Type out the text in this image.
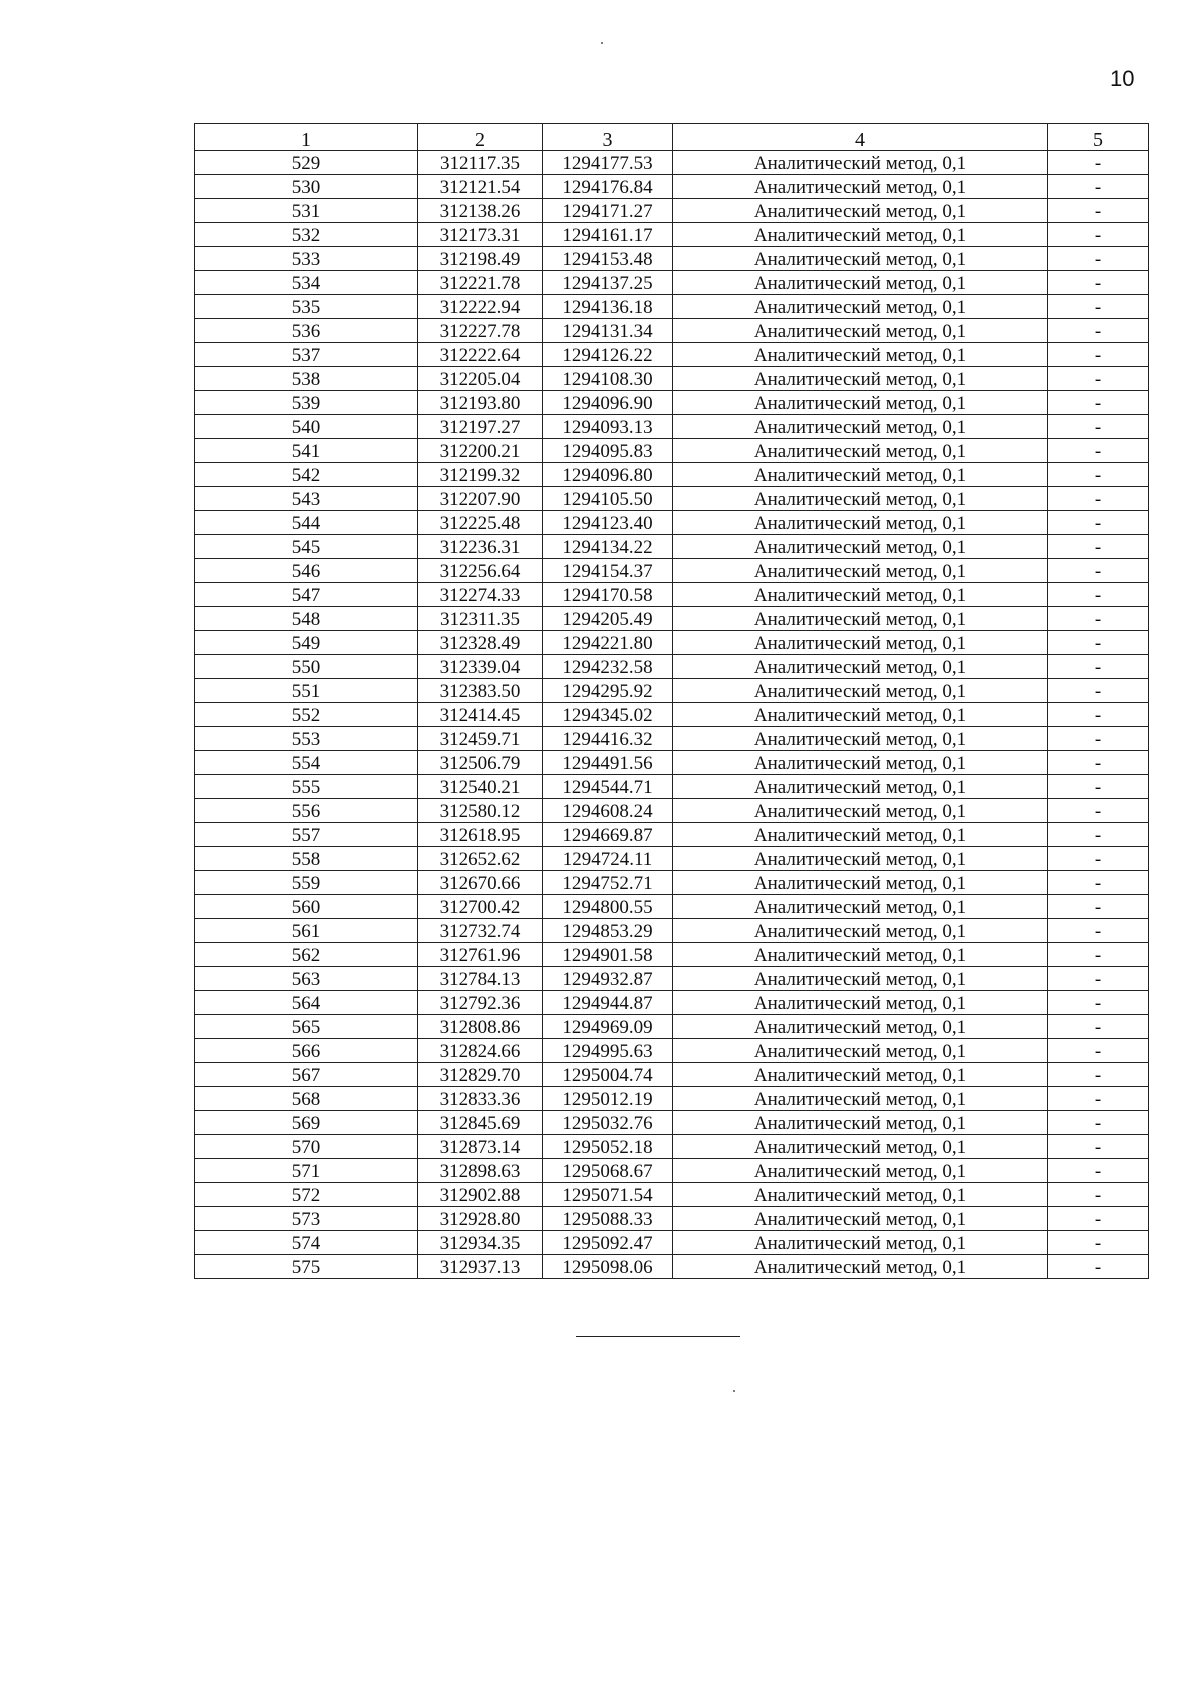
10
1	2	3	4	5
529	312117.35	1294177.53	Аналитический метод, 0,1	-
530	312121.54	1294176.84	Аналитический метод, 0,1	-
531	312138.26	1294171.27	Аналитический метод, 0,1	-
532	312173.31	1294161.17	Аналитический метод, 0,1	-
533	312198.49	1294153.48	Аналитический метод, 0,1	-
534	312221.78	1294137.25	Аналитический метод, 0,1	-
535	312222.94	1294136.18	Аналитический метод, 0,1	-
536	312227.78	1294131.34	Аналитический метод, 0,1	-
537	312222.64	1294126.22	Аналитический метод, 0,1	-
538	312205.04	1294108.30	Аналитический метод, 0,1	-
539	312193.80	1294096.90	Аналитический метод, 0,1	-
540	312197.27	1294093.13	Аналитический метод, 0,1	-
541	312200.21	1294095.83	Аналитический метод, 0,1	-
542	312199.32	1294096.80	Аналитический метод, 0,1	-
543	312207.90	1294105.50	Аналитический метод, 0,1	-
544	312225.48	1294123.40	Аналитический метод, 0,1	-
545	312236.31	1294134.22	Аналитический метод, 0,1	-
546	312256.64	1294154.37	Аналитический метод, 0,1	-
547	312274.33	1294170.58	Аналитический метод, 0,1	-
548	312311.35	1294205.49	Аналитический метод, 0,1	-
549	312328.49	1294221.80	Аналитический метод, 0,1	-
550	312339.04	1294232.58	Аналитический метод, 0,1	-
551	312383.50	1294295.92	Аналитический метод, 0,1	-
552	312414.45	1294345.02	Аналитический метод, 0,1	-
553	312459.71	1294416.32	Аналитический метод, 0,1	-
554	312506.79	1294491.56	Аналитический метод, 0,1	-
555	312540.21	1294544.71	Аналитический метод, 0,1	-
556	312580.12	1294608.24	Аналитический метод, 0,1	-
557	312618.95	1294669.87	Аналитический метод, 0,1	-
558	312652.62	1294724.11	Аналитический метод, 0,1	-
559	312670.66	1294752.71	Аналитический метод, 0,1	-
560	312700.42	1294800.55	Аналитический метод, 0,1	-
561	312732.74	1294853.29	Аналитический метод, 0,1	-
562	312761.96	1294901.58	Аналитический метод, 0,1	-
563	312784.13	1294932.87	Аналитический метод, 0,1	-
564	312792.36	1294944.87	Аналитический метод, 0,1	-
565	312808.86	1294969.09	Аналитический метод, 0,1	-
566	312824.66	1294995.63	Аналитический метод, 0,1	-
567	312829.70	1295004.74	Аналитический метод, 0,1	-
568	312833.36	1295012.19	Аналитический метод, 0,1	-
569	312845.69	1295032.76	Аналитический метод, 0,1	-
570	312873.14	1295052.18	Аналитический метод, 0,1	-
571	312898.63	1295068.67	Аналитический метод, 0,1	-
572	312902.88	1295071.54	Аналитический метод, 0,1	-
573	312928.80	1295088.33	Аналитический метод, 0,1	-
574	312934.35	1295092.47	Аналитический метод, 0,1	-
575	312937.13	1295098.06	Аналитический метод, 0,1	-
